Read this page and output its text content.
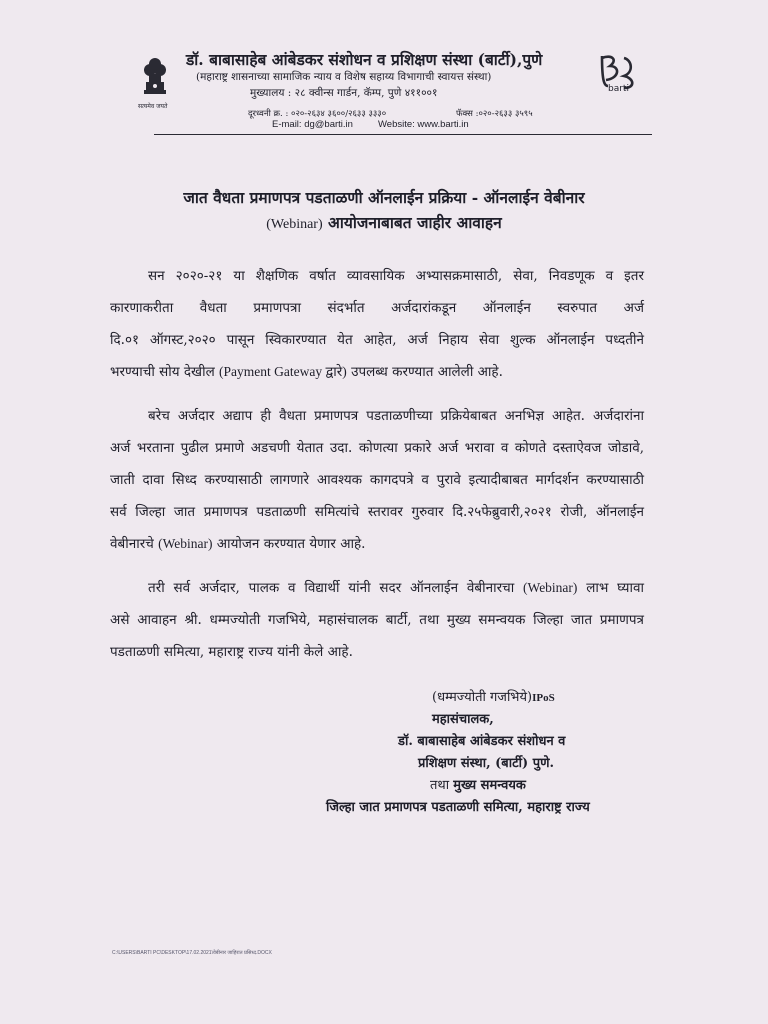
सत्यमेव जयते
डॉ. बाबासाहेब आंबेडकर संशोधन व प्रशिक्षण संस्था (बार्टी),पुणे
(महाराष्ट्र शासनाच्या सामाजिक न्याय व विशेष सहाय्य विभागाची स्वायत्त संस्था)
मुख्यालय : २८ क्वीन्स गार्डन, कॅम्प, पुणे ४११००१	barti
दूरध्वनी क्र. : ०२०-२६३४ ३६००/२६३३ ३३३०	फॅक्स :०२०-२६३३ ३५९५
E-mail: dg@barti.in	Website: www.barti.in
जात वैधता प्रमाणपत्र पडताळणी ऑनलाईन प्रक्रिया - ऑनलाईन वेबीनार
(Webinar) आयोजनाबाबत जाहीर आवाहन
सन २०२०-२१ या शैक्षणिक वर्षात व्यावसायिक अभ्यासक्रमासाठी, सेवा, निवडणूक व इतर
कारणाकरीता वैधता प्रमाणपत्रा संदर्भात अर्जदारांकडून ऑनलाईन स्वरुपात अर्ज
दि.०१ ऑगस्ट,२०२० पासून स्विकारण्यात येत आहेत, अर्ज निहाय सेवा शुल्क ऑनलाईन पध्दतीने
भरण्याची सोय देखील (Payment Gateway द्वारे) उपलब्ध करण्यात आलेली आहे.
बरेच अर्जदार अद्याप ही वैधता प्रमाणपत्र पडताळणीच्या प्रक्रियेबाबत अनभिज्ञ आहेत. अर्जदारांना
अर्ज भरताना पुढील प्रमाणे अडचणी येतात उदा. कोणत्या प्रकारे अर्ज भरावा व कोणते दस्ताऐवज जोडावे,
जाती दावा सिध्द करण्यासाठी लागणारे आवश्यक कागदपत्रे व पुरावे इत्यादीबाबत मार्गदर्शन करण्यासाठी
सर्व जिल्हा जात प्रमाणपत्र पडताळणी समित्यांचे स्तरावर गुरुवार दि.२५फेब्रुवारी,२०२१ रोजी, ऑनलाईन
वेबीनारचे (Webinar) आयोजन करण्यात येणार आहे.
तरी सर्व अर्जदार, पालक व विद्यार्थी यांनी सदर ऑनलाईन वेबीनारचा (Webinar) लाभ घ्यावा
असे आवाहन श्री. धम्मज्योती गजभिये, महासंचालक बार्टी, तथा मुख्य समन्वयक जिल्हा जात प्रमाणपत्र
पडताळणी समित्या, महाराष्ट्र राज्य यांनी केले आहे.
(धम्मज्योती गजभिये)IPoS
महासंचालक,
डॉ. बाबासाहेब आंबेडकर संशोधन व
प्रशिक्षण संस्था, (बार्टी) पुणे.
तथा मुख्य समन्वयक
जिल्हा जात प्रमाणपत्र पडताळणी समित्या, महाराष्ट्र राज्य
C:\USERS\BARTI PC\DESKTOP\17.02.2021\वेबीनार जाहिरात प्रसिध्द.DOCX
